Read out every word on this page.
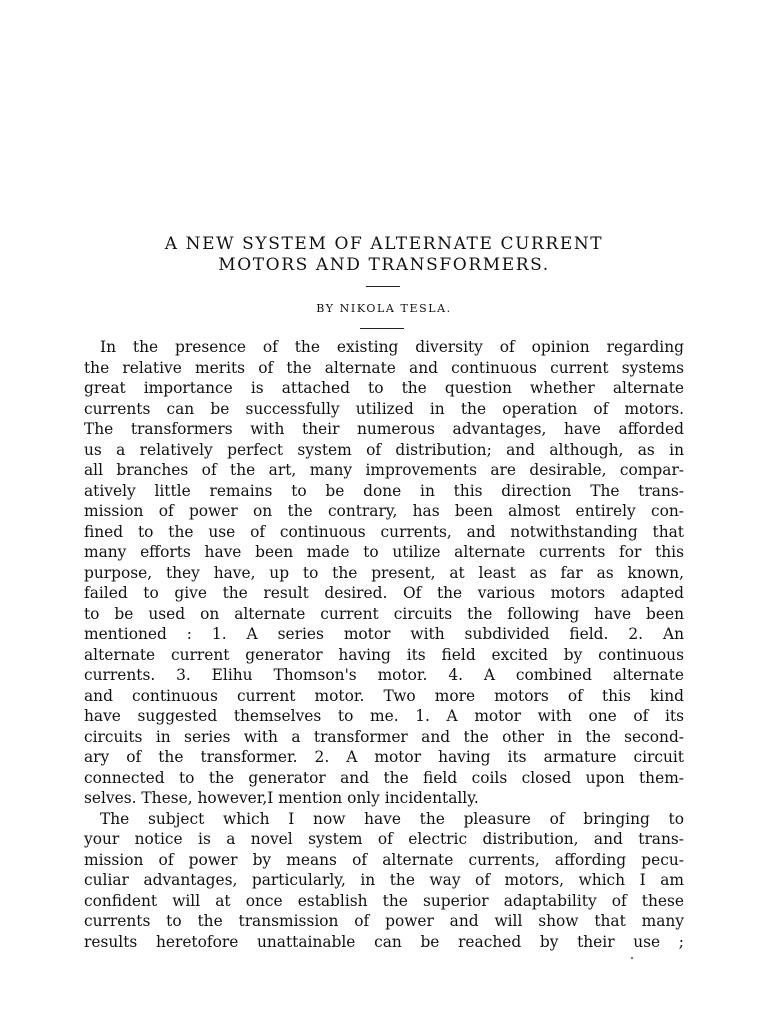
A NEW SYSTEM OF ALTERNATE CURRENT
MOTORS AND TRANSFORMERS.
BY NIKOLA TESLA.
In the presence of the existing diversity of opinion regarding
the relative merits of the alternate and continuous current systems
great importance is attached to the question whether alternate
currents can be successfully utilized in the operation of motors.
The transformers with their numerous advantages, have afforded
us a relatively perfect system of distribution; and although, as in
all branches of the art, many improvements are desirable, compar-
atively little remains to be done in this direction The trans-
mission of power on the contrary, has been almost entirely con-
fined to the use of continuous currents, and notwithstanding that
many efforts have been made to utilize alternate currents for this
purpose, they have, up to the present, at least as far as known,
failed to give the result desired. Of the various motors adapted
to be used on alternate current circuits the following have been
mentioned : 1. A series motor with subdivided field. 2. An
alternate current generator having its field excited by continuous
currents. 3. Elihu Thomson's motor. 4. A combined alternate
and continuous current motor. Two more motors of this kind
have suggested themselves to me. 1. A motor with one of its
circuits in series with a transformer and the other in the second-
ary of the transformer. 2. A motor having its armature circuit
connected to the generator and the field coils closed upon them-
selves. These, however,I mention only incidentally.
The subject which I now have the pleasure of bringing to
your notice is a novel system of electric distribution, and trans-
mission of power by means of alternate currents, affording pecu-
culiar advantages, particularly, in the way of motors, which I am
confident will at once establish the superior adaptability of these
currents to the transmission of power and will show that many
results heretofore unattainable can be reached by their use ;
